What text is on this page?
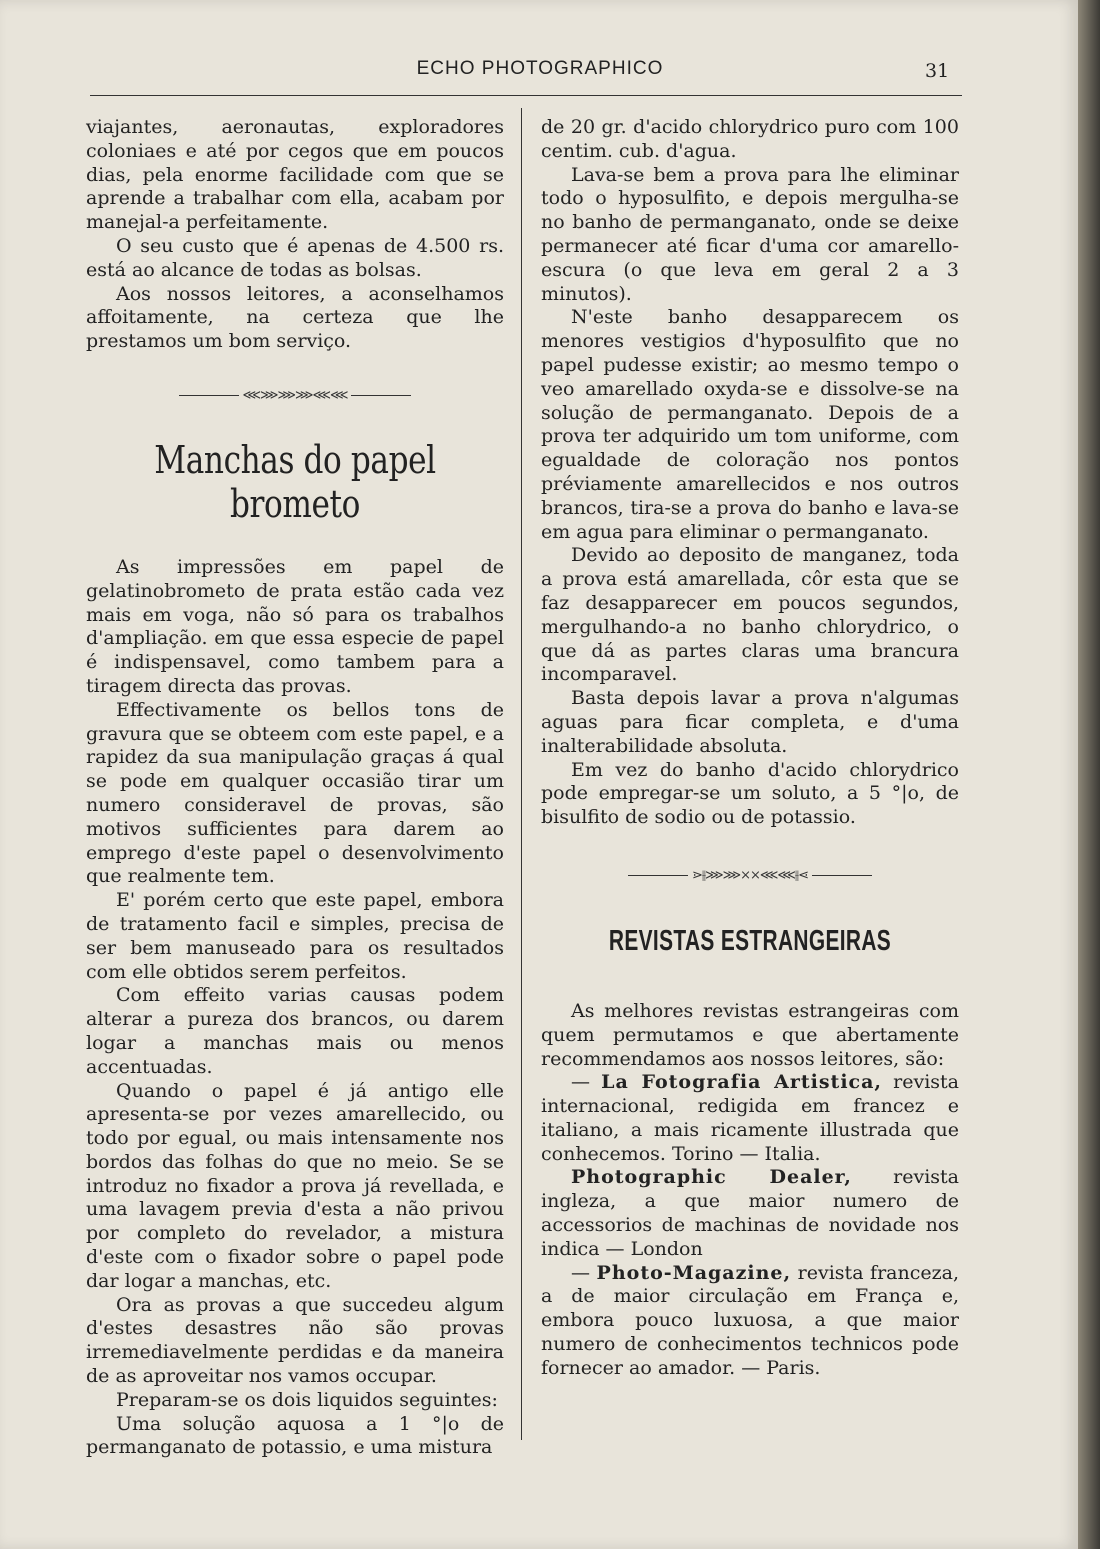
ECHO PHOTOGRAPHICO	31

viajantes, aeronautas, exploradores coloniaes e até por cegos que em poucos dias, pela enorme facilidade com que se aprende a trabalhar com ella, acabam por manejal-a perfeitamente.

O seu custo que é apenas de 4.500 rs. está ao alcance de todas as bolsas.

Aos nossos leitores, a aconselhamos affoitamente, na certeza que lhe prestamos um bom serviço.

⋘⋙⋙⋙⋘⋘
Manchas do papel brometo

As impressões em papel de gelatinobrometo de prata estão cada vez mais em voga, não só para os trabalhos d'ampliação. em que essa especie de papel é indispensavel, como tambem para a tiragem directa das provas.

Effectivamente os bellos tons de gravura que se obteem com este papel, e a rapidez da sua manipulação graças á qual se pode em qualquer occasião tirar um numero consideravel de provas, são motivos sufficientes para darem ao emprego d'este papel o desenvolvimento que realmente tem.

E' porém certo que este papel, embora de tratamento facil e simples, precisa de ser bem manuseado para os resultados com elle obtidos serem perfeitos.

Com effeito varias causas podem alterar a pureza dos brancos, ou darem logar a manchas mais ou menos accentuadas.

Quando o papel é já antigo elle apresenta-se por vezes amarellecido, ou todo por egual, ou mais intensamente nos bordos das folhas do que no meio. Se se introduz no fixador a prova já revellada, e uma lavagem previa d'esta a não privou por completo do revelador, a mistura d'este com o fixador sobre o papel pode dar logar a manchas, etc.

Ora as provas a que succedeu algum d'estes desastres não são provas irremediavelmente perdidas e da maneira de as aproveitar nos vamos occupar.

Preparam-se os dois liquidos seguintes:

Uma solução aquosa a 1 °|o de permanganato de potassio, e uma mistura

de 20 gr. d'acido chlorydrico puro com 100 centim. cub. d'agua.

Lava-se bem a prova para lhe eliminar todo o hyposulfito, e depois mergulha-se no banho de permanganato, onde se deixe permanecer até ficar d'uma cor amarello-escura (o que leva em geral 2 a 3 minutos).

N'este banho desapparecem os menores vestigios d'hyposulfito que no papel pudesse existir; ao mesmo tempo o veo amarellado oxyda-se e dissolve-se na solução de permanganato. Depois de a prova ter adquirido um tom uniforme, com egualdade de coloração nos pontos préviamente amarellecidos e nos outros brancos, tira-se a prova do banho e lava-se em agua para eliminar o permanganato.

Devido ao deposito de manganez, toda a prova está amarellada, côr esta que se faz desapparecer em poucos segundos, mergulhando-a no banho chlorydrico, o que dá as partes claras uma brancura incomparavel.

Basta depois lavar a prova n'algumas aguas para ficar completa, e d'uma inalterabilidade absoluta.

Em vez do banho d'acido chlorydrico pode empregar-se um soluto, a 5 °|o, de bisulfito de sodio ou de potassio.

⋗⫲⋙⋙⨯⨯⋘⋘⫲⋖
REVISTAS ESTRANGEIRAS

As melhores revistas estrangeiras com quem permutamos e que abertamente recommendamos aos nossos leitores, são:

— La Fotografia Artistica, revista internacional, redigida em francez e italiano, a mais ricamente illustrada que conhecemos. Torino — Italia.

Photographic Dealer, revista ingleza, a que maior numero de accessorios de machinas de novidade nos indica — London

— Photo-Magazine, revista franceza, a de maior circulação em França e, embora pouco luxuosa, a que maior numero de conhecimentos technicos pode fornecer ao amador. — Paris.
